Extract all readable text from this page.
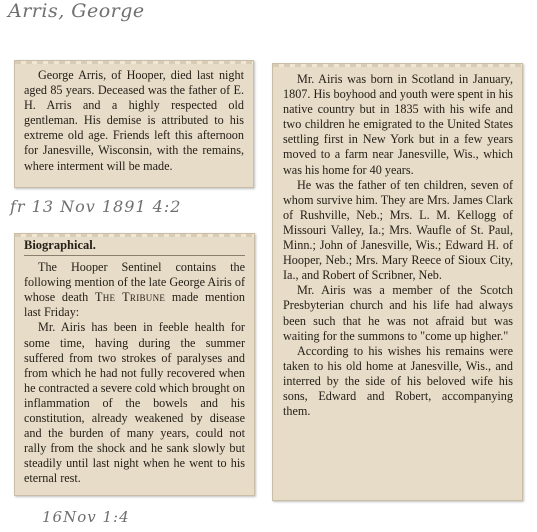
Arris, George

George Arris, of Hooper, died last night aged 85 years. Deceased was the father of E. H. Arris and a highly respected old gentleman. His demise is attributed to his extreme old age. Friends left this afternoon for Janesville, Wisconsin, with the remains, where interment will be made.

fr 13 Nov 1891 4:2

Biographical.

The Hooper Sentinel contains the following mention of the late George Airis of whose death The Tribune made mention last Friday:

Mr. Airis has been in feeble health for some time, having during the summer suffered from two strokes of paralyses and from which he had not fully recovered when he contracted a severe cold which brought on inflammation of the bowels and his constitution, already weakened by disease and the burden of many years, could not rally from the shock and he sank slowly but steadily until last night when he went to his eternal rest.

Mr. Airis was born in Scotland in January, 1807. His boyhood and youth were spent in his native country but in 1835 with his wife and two children he emigrated to the United States settling first in New York but in a few years moved to a farm near Janesville, Wis., which was his home for 40 years.

He was the father of ten children, seven of whom survive him. They are Mrs. James Clark of Rushville, Neb.; Mrs. L. M. Kellogg of Missouri Valley, Ia.; Mrs. Waufle of St. Paul, Minn.; John of Janesville, Wis.; Edward H. of Hooper, Neb.; Mrs. Mary Reece of Sioux City, Ia., and Robert of Scribner, Neb.

Mr. Airis was a member of the Scotch Presbyterian church and his life had always been such that he was not afraid but was waiting for the summons to "come up higher."

According to his wishes his remains were taken to his old home at Janesville, Wis., and interred by the side of his beloved wife his sons, Edward and Robert, accompanying them.

16Nov 1:4
